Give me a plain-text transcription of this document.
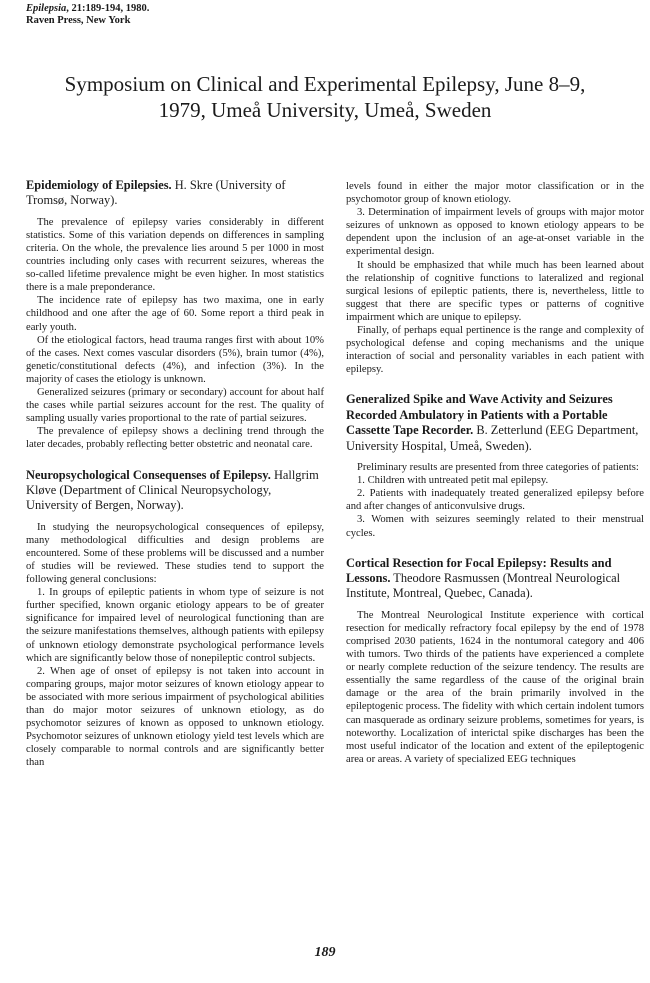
Epilepsia, 21:189-194, 1980.
Raven Press, New York
Symposium on Clinical and Experimental Epilepsy, June 8–9, 1979, Umeå University, Umeå, Sweden
Epidemiology of Epilepsies. H. Skre (University of Tromsø, Norway).

The prevalence of epilepsy varies considerably in different statistics. Some of this variation depends on differences in sampling criteria. On the whole, the prevalence lies around 5 per 1000 in most countries including only cases with recurrent seizures, whereas the so-called lifetime prevalence might be even higher. In most statistics there is a male preponderance.

The incidence rate of epilepsy has two maxima, one in early childhood and one after the age of 60. Some report a third peak in early youth.

Of the etiological factors, head trauma ranges first with about 10% of the cases. Next comes vascular disorders (5%), brain tumor (4%), genetic/constitutional defects (4%), and infection (3%). In the majority of cases the etiology is unknown.

Generalized seizures (primary or secondary) account for about half the cases while partial seizures account for the rest. The quality of sampling usually varies proportional to the rate of partial seizures.

The prevalence of epilepsy shows a declining trend through the later decades, probably reflecting better obstetric and neonatal care.

Neuropsychological Consequenses of Epilepsy. Hallgrim Kløve (Department of Clinical Neuropsychology, University of Bergen, Norway).

In studying the neuropsychological consequences of epilepsy, many methodological difficulties and design problems are encountered. Some of these problems will be discussed and a number of studies will be reviewed. These studies tend to support the following general conclusions:

1. In groups of epileptic patients in whom type of seizure is not further specified, known organic etiology appears to be of greater significance for impaired level of neurological functioning than are the seizure manifestations themselves, although patients with epilepsy of unknown etiology demonstrate psychological performance levels which are significantly below those of nonepileptic control subjects.

2. When age of onset of epilepsy is not taken into account in comparing groups, major motor seizures of known etiology appear to be associated with more serious impairment of psychological abilities than do major motor seizures of unknown etiology, as do psychomotor seizures of known as opposed to unknown etiology. Psychomotor seizures of unknown etiology yield test levels which are closely comparable to normal controls and are significantly better than

levels found in either the major motor classification or in the psychomotor group of known etiology.

3. Determination of impairment levels of groups with major motor seizures of unknown as opposed to known etiology appears to be dependent upon the inclusion of an age-at-onset variable in the experimental design.

It should be emphasized that while much has been learned about the relationship of cognitive functions to lateralized and regional surgical lesions of epileptic patients, there is, nevertheless, little to suggest that there are specific types or patterns of cognitive impairment which are unique to epilepsy.

Finally, of perhaps equal pertinence is the range and complexity of psychological defense and coping mechanisms and the unique interaction of social and personality variables in each patient with epilepsy.

Generalized Spike and Wave Activity and Seizures Recorded Ambulatory in Patients with a Portable Cassette Tape Recorder. B. Zetterlund (EEG Department, University Hospital, Umeå, Sweden).

Preliminary results are presented from three categories of patients:

1. Children with untreated petit mal epilepsy.

2. Patients with inadequately treated generalized epilepsy before and after changes of anticonvulsive drugs.

3. Women with seizures seemingly related to their menstrual cycles.

Cortical Resection for Focal Epilepsy: Results and Lessons. Theodore Rasmussen (Montreal Neurological Institute, Montreal, Quebec, Canada).

The Montreal Neurological Institute experience with cortical resection for medically refractory focal epilepsy by the end of 1978 comprised 2030 patients, 1624 in the nontumoral category and 406 with tumors. Two thirds of the patients have experienced a complete or nearly complete reduction of the seizure tendency. The results are essentially the same regardless of the cause of the original brain damage or the area of the brain primarily involved in the epileptogenic process. The fidelity with which certain indolent tumors can masquerade as ordinary seizure problems, sometimes for years, is noteworthy. Localization of interictal spike discharges has been the most useful indicator of the location and extent of the epileptogenic area or areas. A variety of specialized EEG techniques

189
